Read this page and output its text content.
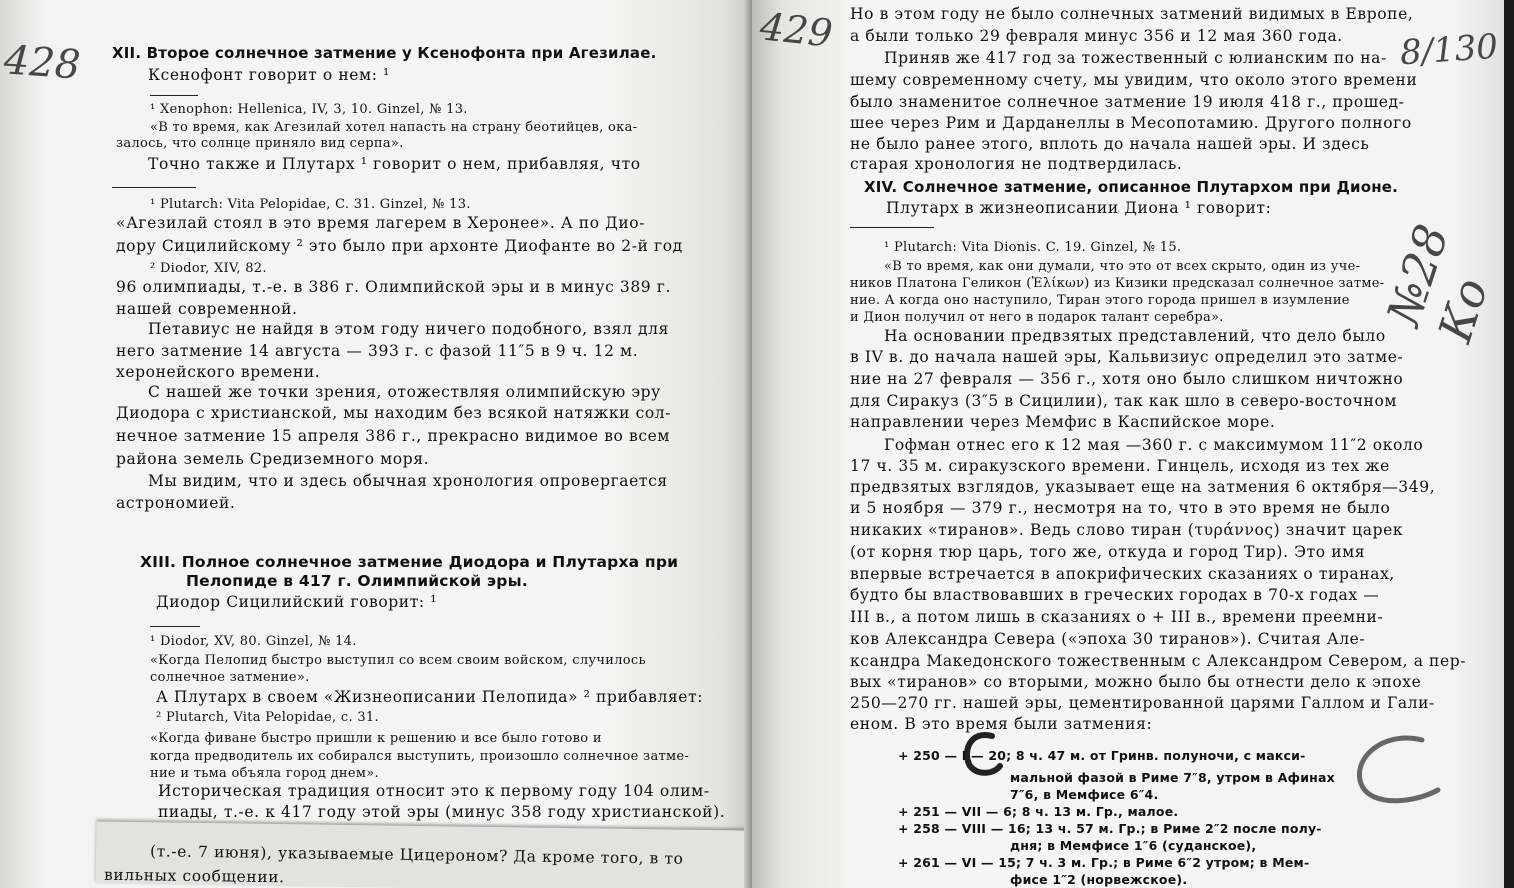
428 XII. Второе солнечное затмение у Ксенофонта при Агезилае.
Ксенофонт говорит о нем: ¹
¹ Xenophon: Hellenica, IV, 3, 10. Ginzel, № 13.
«В то время, как Агезилай хотел напасть на страну беотийцев, ока-
залось, что солнце приняло вид серпа».
Точно также и Плутарх ¹ говорит о нем, прибавляя, что
¹ Plutarch: Vita Pelopidae, C. 31. Ginzel, № 13.
«Агезилай стоял в это время лагерем в Херонее». А по Дио-
дору Сицилийскому ² это было при архонте Диофанте во 2-й год
² Diodor, XIV, 82.
96 олимпиады, т.-е. в 386 г. Олимпийской эры и в минус 389 г.
нашей современной.
Петавиус не найдя в этом году ничего подобного, взял для
него затмение 14 августа — 393 г. с фазой 11″5 в 9 ч. 12 м.
херонейского времени.
С нашей же точки зрения, отожествляя олимпийскую эру
Диодора с христианской, мы находим без всякой натяжки сол-
нечное затмение 15 апреля 386 г., прекрасно видимое во всем
района земель Средиземного моря.
Мы видим, что и здесь обычная хронология опровергается
астрономией.
XIII. Полное солнечное затмение Диодора и Плутарха при
Пелопиде в 417 г. Олимпийской эры.
Диодор Сицилийский говорит: ¹
¹ Diodor, XV, 80. Ginzel, № 14.
«Когда Пелопид быстро выступил со всем своим войском, случилось
солнечное затмение».
А Плутарх в своем «Жизнеописании Пелопида» ² прибавляет:
² Plutarch, Vita Pelopidae, c. 31.
«Когда фиване быстро пришли к решению и все было готово и
когда предводитель их собирался выступить, произошло солнечное затме-
ние и тьма объяла город днем».
Историческая традиция относит это к первому году 104 олим-
пиады, т.-е. к 417 году этой эры (минус 358 году христианской).
(т.-е. 7 июня), указываемые Цицероном? Да кроме того, в то
вильных сообщении.
429	8/130
№28 Ко
Но в этом году не было солнечных затмений видимых в Европе,
а были только 29 февраля минус 356 и 12 мая 360 года.
Приняв же 417 год за тожественный с юлианским по на-
шему современному счету, мы увидим, что около этого времени
было знаменитое солнечное затмение 19 июля 418 г., прошед-
шее через Рим и Дарданеллы в Месопотамию. Другого полного
не было ранее этого, вплоть до начала нашей эры. И здесь
старая хронология не подтвердилась.
XIV. Солнечное затмение, описанное Плутархом при Дионе.
Плутарх в жизнеописании Диона ¹ говорит:
¹ Plutarch: Vita Dionis. C. 19. Ginzel, № 15.
«В то время, как они думали, что это от всех скрыто, один из уче-
ников Платона Геликон (Ἑλίκων) из Кизики предсказал солнечное затме-
ние. А когда оно наступило, Тиран этого города пришел в изумление
и Дион получил от него в подарок талант серебра».
На основании предвзятых представлений, что дело было
в IV в. до начала нашей эры, Кальвизиус определил это затме-
ние на 27 февраля — 356 г., хотя оно было слишком ничтожно
для Сиракуз (3″5 в Сицилии), так как шло в северо-восточном
направлении через Мемфис в Каспийское море.
Гофман отнес его к 12 мая —360 г. с максимумом 11″2 около
17 ч. 35 м. сиракузского времени. Гинцель, исходя из тех же
предвзятых взглядов, указывает еще на затмения 6 октября—349,
и 5 ноября — 379 г., несмотря на то, что в это время не было
никаких «тиранов». Ведь слово тиран (τυράννος) значит царек
(от корня тюр царь, того же, откуда и город Тир). Это имя
впервые встречается в апокрифических сказаниях о тиранах,
будто бы властвовавших в греческих городах в 70-х годах —
III в., а потом лишь в сказаниях о + III в., времени преемни-
ков Александра Севера («эпоха 30 тиранов»). Считая Але-
ксандра Македонского тожественным с Александром Севером, а пер-
вых «тиранов» со вторыми, можно было бы отнести дело к эпохе
250—270 гг. нашей эры, цементированной царями Галлом и Гали-
еном. В это время были затмения:
+ 250 — I — 20; 8 ч. 47 м. от Гринв. полуночи, с макси-
мальной фазой в Риме 7″8, утром в Афинах
7″6, в Мемфисе 6″4.
+ 251 — VII — 6; 8 ч. 13 м. Гр., малое.
+ 258 — VIII — 16; 13 ч. 57 м. Гр.; в Риме 2″2 после полу-
дня; в Мемфисе 1″6 (суданское),
+ 261 — VI — 15; 7 ч. 3 м. Гр.; в Риме 6″2 утром; в Мем-
фисе 1″2 (норвежское).
